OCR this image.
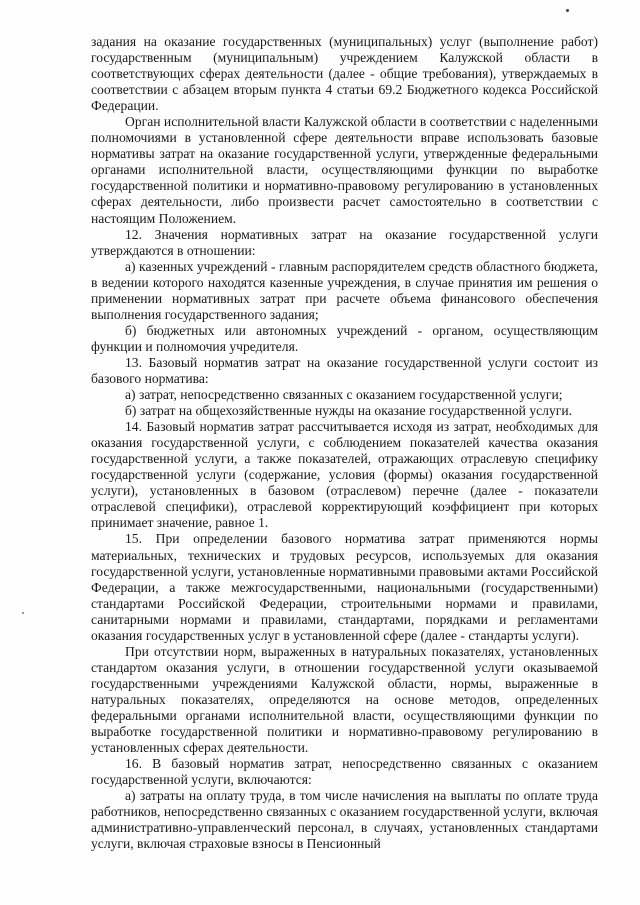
задания на оказание государственных (муниципальных) услуг (выполнение работ) государственным (муниципальным) учреждением Калужской области в соответствующих сферах деятельности (далее - общие требования), утверждаемых в соответствии с абзацем вторым пункта 4 статьи 69.2 Бюджетного кодекса Российской Федерации.

Орган исполнительной власти Калужской области в соответствии с наделенными полномочиями в установленной сфере деятельности вправе использовать базовые нормативы затрат на оказание государственной услуги, утвержденные федеральными органами исполнительной власти, осуществляющими функции по выработке государственной политики и нормативно-правовому регулированию в установленных сферах деятельности, либо произвести расчет самостоятельно в соответствии с настоящим Положением.

12. Значения нормативных затрат на оказание государственной услуги утверждаются в отношении:

а) казенных учреждений - главным распорядителем средств областного бюджета, в ведении которого находятся казенные учреждения, в случае принятия им решения о применении нормативных затрат при расчете объема финансового обеспечения выполнения государственного задания;

б) бюджетных или автономных учреждений - органом, осуществляющим функции и полномочия учредителя.

13. Базовый норматив затрат на оказание государственной услуги состоит из базового норматива:

а) затрат, непосредственно связанных с оказанием государственной услуги;

б) затрат на общехозяйственные нужды на оказание государственной услуги.

14. Базовый норматив затрат рассчитывается исходя из затрат, необходимых для оказания государственной услуги, с соблюдением показателей качества оказания государственной услуги, а также показателей, отражающих отраслевую специфику государственной услуги (содержание, условия (формы) оказания государственной услуги), установленных в базовом (отраслевом) перечне (далее - показатели отраслевой специфики), отраслевой корректирующий коэффициент при которых принимает значение, равное 1.

15. При определении базового норматива затрат применяются нормы материальных, технических и трудовых ресурсов, используемых для оказания государственной услуги, установленные нормативными правовыми актами Российской Федерации, а также межгосударственными, национальными (государственными) стандартами Российской Федерации, строительными нормами и правилами, санитарными нормами и правилами, стандартами, порядками и регламентами оказания государственных услуг в установленной сфере (далее - стандарты услуги).

При отсутствии норм, выраженных в натуральных показателях, установленных стандартом оказания услуги, в отношении государственной услуги оказываемой государственными учреждениями Калужской области, нормы, выраженные в натуральных показателях, определяются на основе методов, определенных федеральными органами исполнительной власти, осуществляющими функции по выработке государственной политики и нормативно-правовому регулированию в установленных сферах деятельности.

16. В базовый норматив затрат, непосредственно связанных с оказанием государственной услуги, включаются:

а) затраты на оплату труда, в том числе начисления на выплаты по оплате труда работников, непосредственно связанных с оказанием государственной услуги, включая административно-управленческий персонал, в случаях, установленных стандартами услуги, включая страховые взносы в Пенсионный
